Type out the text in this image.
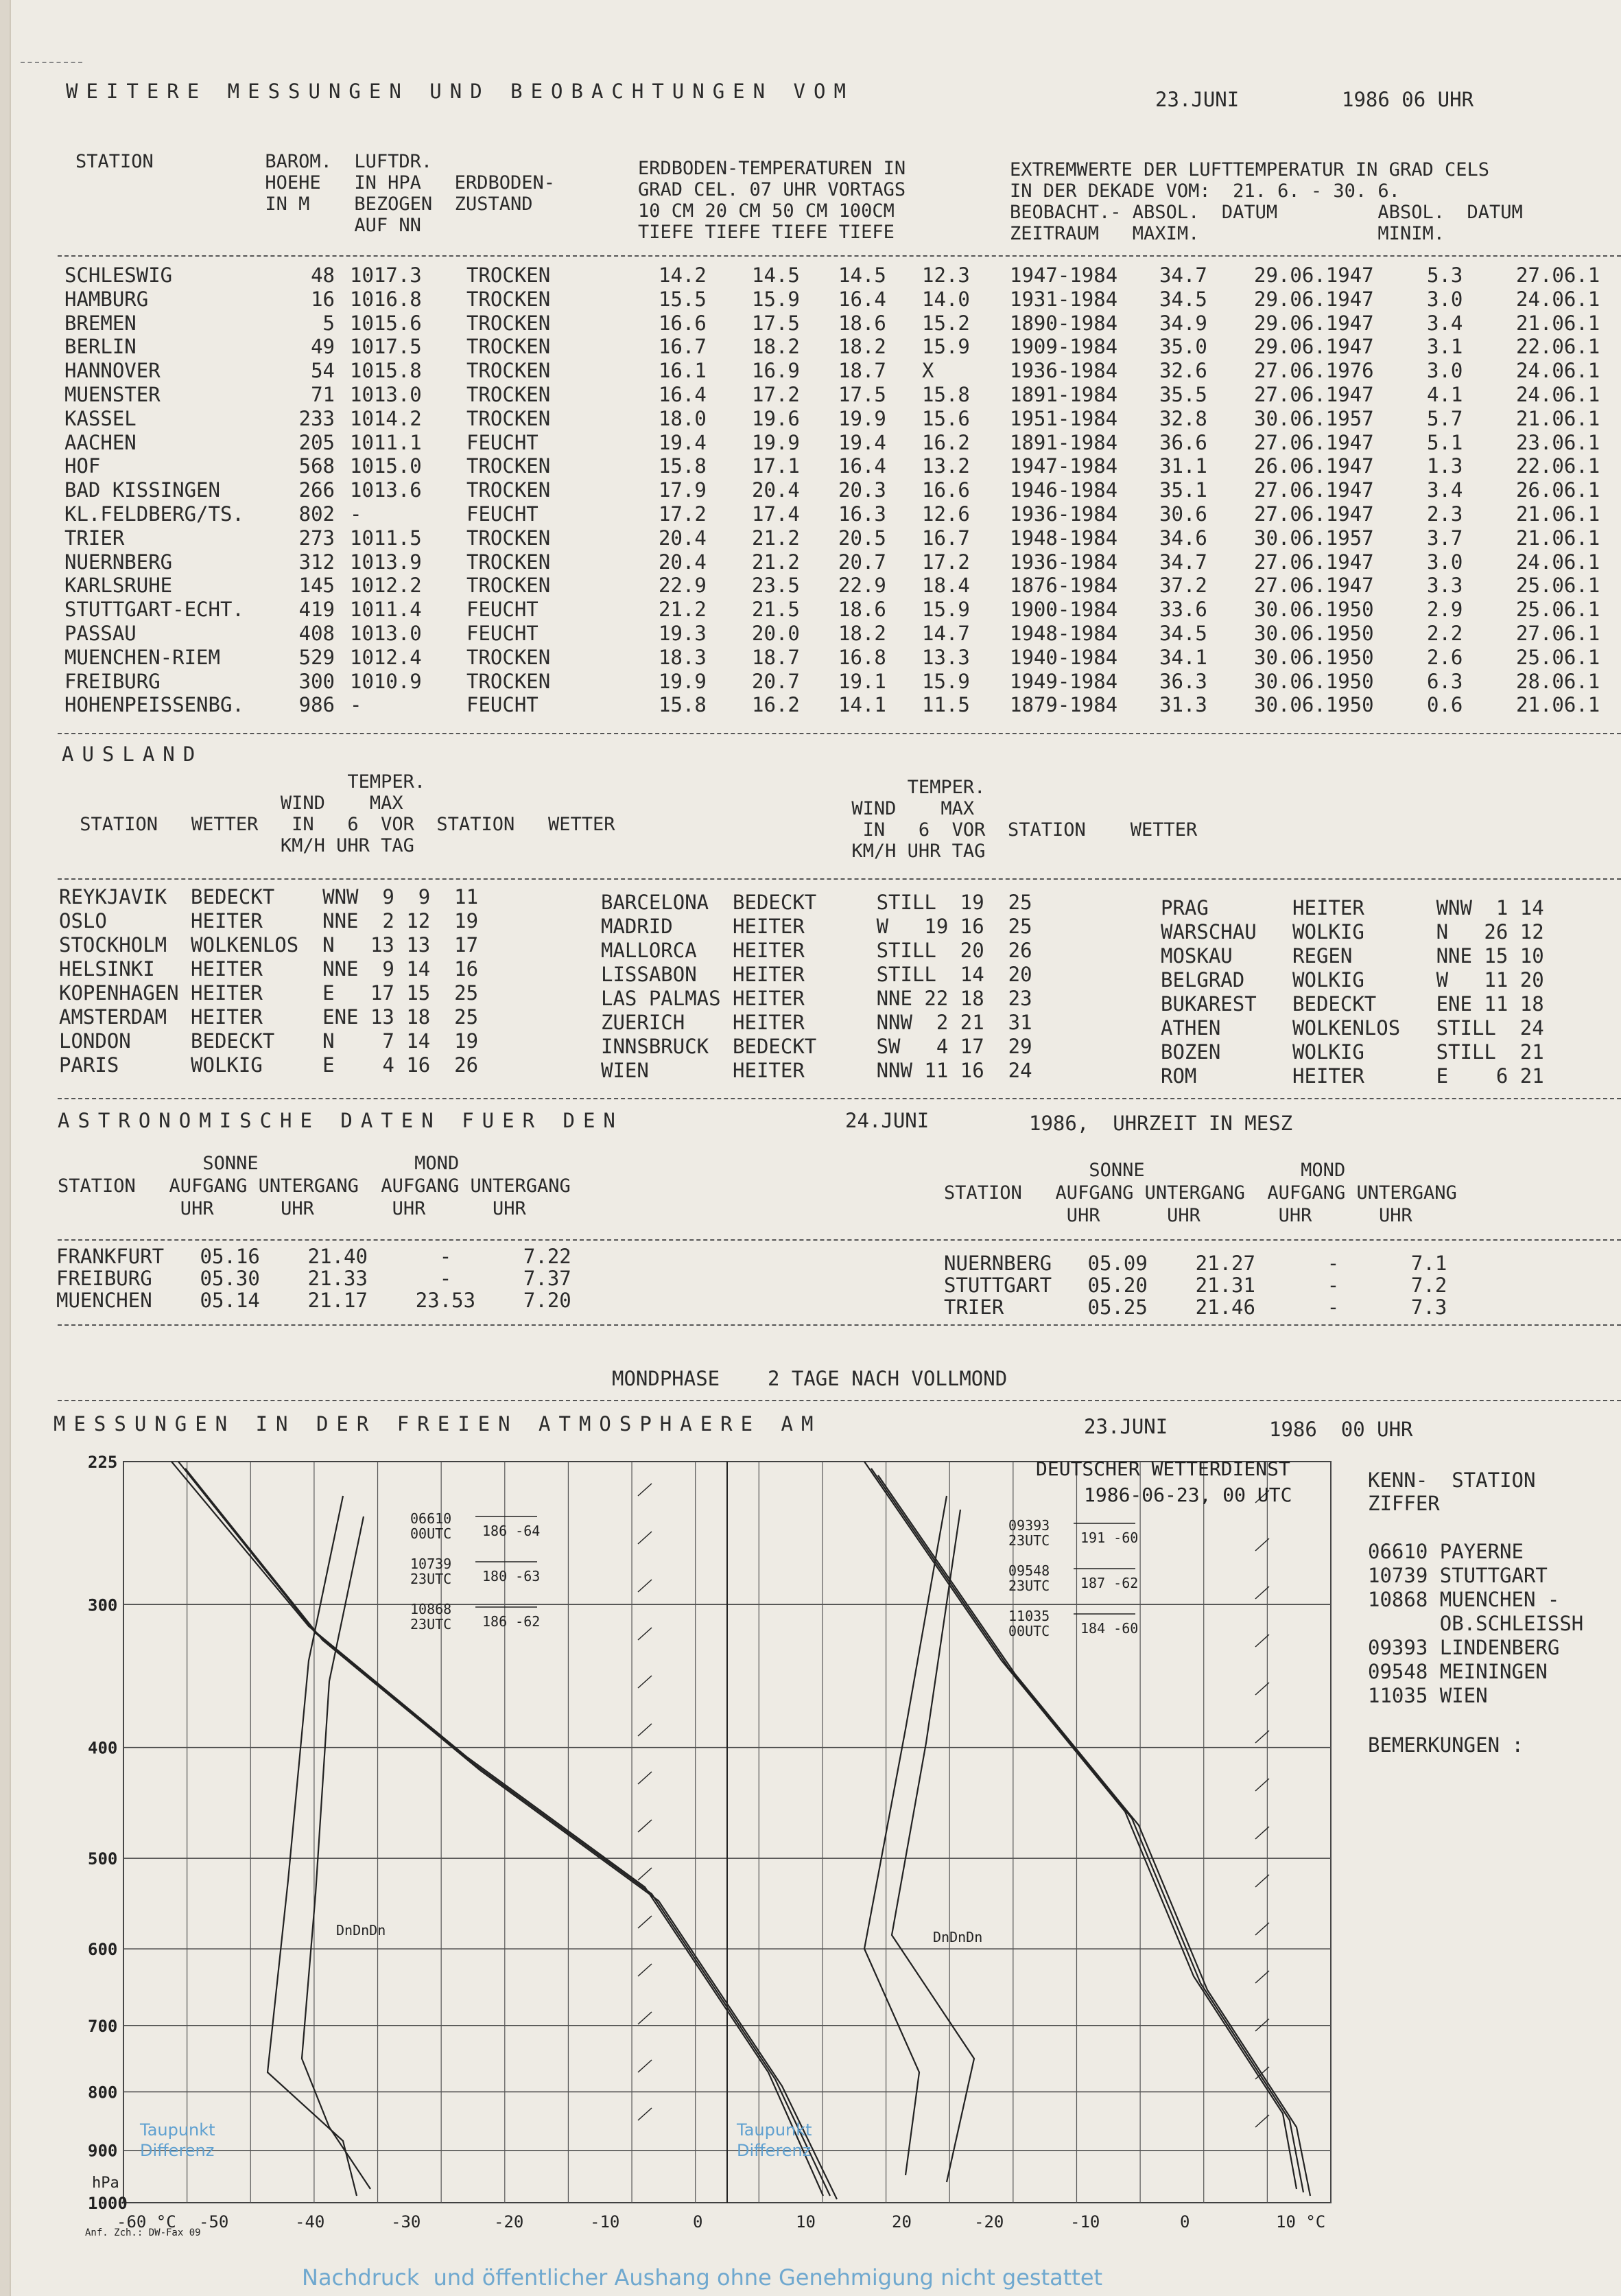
WEITERE MESSUNGEN UND BEOBACHTUNGEN VOM	23.JUNI	1986 06 UHR
AUSLAND
ASTRONOMISCHE DATEN FUER DEN	24.JUNI	1986,  UHRZEIT IN MESZ
MONDPHASE    2 TAGE NACH VOLLMOND
MESSUNGEN IN DER FREIEN ATMOSPHAERE AM	23.JUNI	1986  00 UHR
225
300
400
500
600
700
800
900
1000
-60 °C -50	-40	-30	-20	-10	0	10	20	-20	-10	0	10 °C
06610
00UTC 186 -64
10739
23UTC 180 -63
10868
23UTC 186 -62
09393
23UTC 191 -60
09548
23UTC 187 -62
11035
00UTC 184 -60
DEUTSCHER WETTERDIENST
1986-06-23, 00 UTC
DnDnDn	DnDnDn
Taupunkt	Taupunkt
Differenz	Differenz
hPa
Anf. Zch.: DW-Fax 09
KENN-  STATION
ZIFFER
BEMERKUNGEN :
Nachdruck  und öffentlicher Aushang ohne Genehmigung nicht gestattet
STATION          BAROM.  LUFTDR.
HOEHE   IN HPA   ERDBODEN-
IN M    BEZOGEN  ZUSTAND
AUF NN
ERDBODEN-TEMPERATUREN IN
GRAD CEL. 07 UHR VORTAGS
10 CM 20 CM 50 CM 100CM
TIEFE TIEFE TIEFE TIEFE
EXTREMWERTE DER LUFTTEMPERATUR IN GRAD CELS
IN DER DEKADE VOM:  21. 6. - 30. 6.
BEOBACHT.- ABSOL.  DATUM         ABSOL.  DATUM
ZEITRAUM   MAXIM.                MINIM.
SCHLESWIG	48 1017.3 TROCKEN	14.2 14.5 14.5 12.3 1947-1984 34.7 29.06.1947	5.3	27.06.1
HAMBURG	16 1016.8 TROCKEN	15.5 15.9 16.4 14.0 1931-1984 34.5 29.06.1947	3.0	24.06.1
BREMEN	5 1015.6 TROCKEN	16.6 17.5 18.6 15.2 1890-1984 34.9 29.06.1947	3.4	21.06.1
BERLIN	49 1017.5 TROCKEN	16.7 18.2 18.2 15.9 1909-1984 35.0 29.06.1947	3.1	22.06.1
HANNOVER	54 1015.8 TROCKEN	16.1 16.9 18.7 X	1936-1984 32.6 27.06.1976	3.0	24.06.1
MUENSTER	71 1013.0 TROCKEN	16.4 17.2 17.5 15.8 1891-1984 35.5 27.06.1947	4.1	24.06.1
KASSEL	233 1014.2 TROCKEN	18.0 19.6 19.9 15.6 1951-1984 32.8 30.06.1957	5.7	21.06.1
AACHEN	205 1011.1 FEUCHT	19.4 19.9 19.4 16.2 1891-1984 36.6 27.06.1947	5.1	23.06.1
HOF	568 1015.0 TROCKEN	15.8 17.1 16.4 13.2 1947-1984 31.1 26.06.1947	1.3	22.06.1
BAD KISSINGEN	266 1013.6 TROCKEN	17.9 20.4 20.3 16.6 1946-1984 35.1 27.06.1947	3.4	26.06.1
KL.FELDBERG/TS.	802 -	FEUCHT	17.2 17.4 16.3 12.6 1936-1984 30.6 27.06.1947	2.3	21.06.1
TRIER	273 1011.5 TROCKEN	20.4 21.2 20.5 16.7 1948-1984 34.6 30.06.1957	3.7	21.06.1
NUERNBERG	312 1013.9 TROCKEN	20.4 21.2 20.7 17.2 1936-1984 34.7 27.06.1947	3.0	24.06.1
KARLSRUHE	145 1012.2 TROCKEN	22.9 23.5 22.9 18.4 1876-1984 37.2 27.06.1947	3.3	25.06.1
STUTTGART-ECHT.	419 1011.4 FEUCHT	21.2 21.5 18.6 15.9 1900-1984 33.6 30.06.1950	2.9	25.06.1
PASSAU	408 1013.0 FEUCHT	19.3 20.0 18.2 14.7 1948-1984 34.5 30.06.1950	2.2	27.06.1
MUENCHEN-RIEM	529 1012.4 TROCKEN	18.3 18.7 16.8 13.3 1940-1984 34.1 30.06.1950	2.6	25.06.1
FREIBURG	300 1010.9 TROCKEN	19.9 20.7 19.1 15.9 1949-1984 36.3 30.06.1950	6.3	28.06.1
HOHENPEISSENBG.	986 -	FEUCHT	15.8 16.2 14.1 11.5 1879-1984 31.3 30.06.1950	0.6	21.06.1
TEMPER.
WIND    MAX
STATION   WETTER   IN   6  VOR  STATION   WETTER
KM/H UHR TAG
TEMPER.
WIND    MAX
IN   6  VOR  STATION    WETTER
KM/H UHR TAG
REYKJAVIK  BEDECKT    WNW  9  9  11
OSLO       HEITER     NNE  2 12  19
STOCKHOLM  WOLKENLOS  N   13 13  17
HELSINKI   HEITER     NNE  9 14  16
KOPENHAGEN HEITER     E   17 15  25
AMSTERDAM  HEITER     ENE 13 18  25
LONDON     BEDECKT    N    7 14  19
PARIS      WOLKIG     E    4 16  26
BARCELONA  BEDECKT     STILL  19  25
MADRID     HEITER      W   19 16  25
MALLORCA   HEITER      STILL  20  26
LISSABON   HEITER      STILL  14  20
LAS PALMAS HEITER      NNE 22 18  23
ZUERICH    HEITER      NNW  2 21  31
INNSBRUCK  BEDECKT     SW   4 17  29
WIEN       HEITER      NNW 11 16  24
PRAG       HEITER      WNW  1 14
WARSCHAU   WOLKIG      N   26 12
MOSKAU     REGEN       NNE 15 10
BELGRAD    WOLKIG      W   11 20
BUKAREST   BEDECKT     ENE 11 18
ATHEN      WOLKENLOS   STILL  24
BOZEN      WOLKIG      STILL  21
ROM        HEITER      E    6 21
SONNE              MOND
STATION   AUFGANG UNTERGANG  AUFGANG UNTERGANG
UHR      UHR       UHR      UHR
SONNE              MOND
STATION   AUFGANG UNTERGANG  AUFGANG UNTERGANG
UHR      UHR       UHR      UHR
FRANKFURT   05.16    21.40      -      7.22
FREIBURG    05.30    21.33      -      7.37
MUENCHEN    05.14    21.17    23.53    7.20
NUERNBERG   05.09    21.27      -      7.1
STUTTGART   05.20    21.31      -      7.2
TRIER       05.25    21.46      -      7.3
06610 PAYERNE
10739 STUTTGART
10868 MUENCHEN -
OB.SCHLEISSH
09393 LINDENBERG
09548 MEININGEN
11035 WIEN
